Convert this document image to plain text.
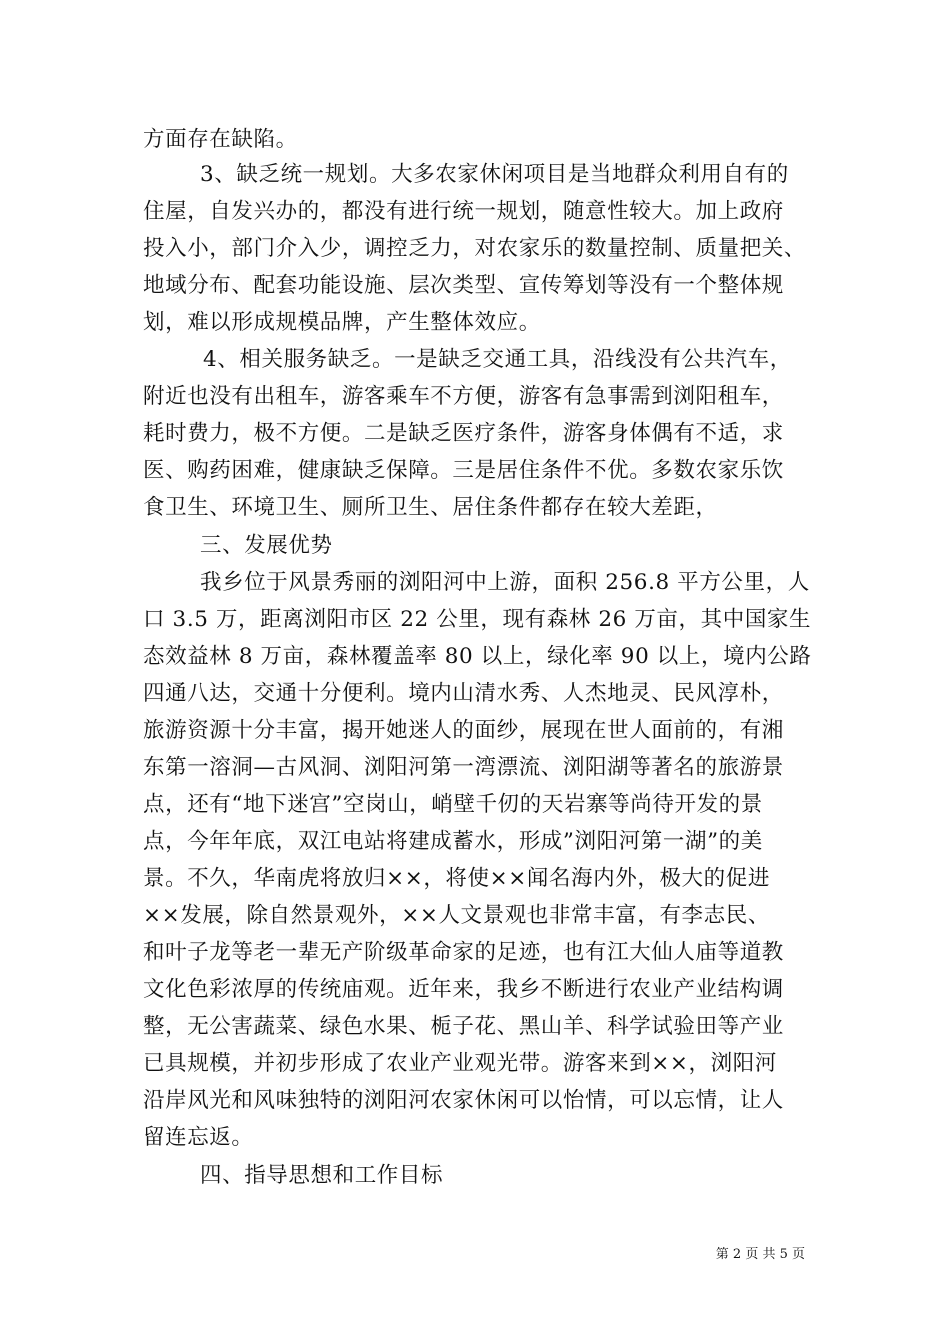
方面存在缺陷。
3、缺乏统一规划。大多农家休闲项目是当地群众利用自有的
住屋，自发兴办的，都没有进行统一规划，随意性较大。加上政府
投入小，部门介入少，调控乏力，对农家乐的数量控制、质量把关、
地域分布、配套功能设施、层次类型、宣传筹划等没有一个整体规
划，难以形成规模品牌，产生整体效应。
4、相关服务缺乏。一是缺乏交通工具，沿线没有公共汽车，
附近也没有出租车，游客乘车不方便，游客有急事需到浏阳租车，
耗时费力，极不方便。二是缺乏医疗条件，游客身体偶有不适，求
医、购药困难，健康缺乏保障。三是居住条件不优。多数农家乐饮
食卫生、环境卫生、厕所卫生、居住条件都存在较大差距，
三、发展优势
我乡位于风景秀丽的浏阳河中上游，面积 256.8 平方公里，人
口 3.5 万，距离浏阳市区 22 公里，现有森林 26 万亩，其中国家生
态效益林 8 万亩，森林覆盖率 80 以上，绿化率 90 以上，境内公路
四通八达，交通十分便利。境内山清水秀、人杰地灵、民风淳朴，
旅游资源十分丰富，揭开她迷人的面纱，展现在世人面前的，有湘
东第一溶洞—古风洞、浏阳河第一湾漂流、浏阳湖等著名的旅游景
点，还有“地下迷宫”空岗山，峭壁千仞的天岩寨等尚待开发的景
点，今年年底，双江电站将建成蓄水，形成”浏阳河第一湖”的美
景。不久，华南虎将放归××，将使××闻名海内外，极大的促进
××发展，除自然景观外，××人文景观也非常丰富，有李志民、
和叶子龙等老一辈无产阶级革命家的足迹，也有江大仙人庙等道教
文化色彩浓厚的传统庙观。近年来，我乡不断进行农业产业结构调
整，无公害蔬菜、绿色水果、栀子花、黑山羊、科学试验田等产业
已具规模，并初步形成了农业产业观光带。游客来到××，浏阳河
沿岸风光和风味独特的浏阳河农家休闲可以怡情，可以忘情，让人
留连忘返。
四、指导思想和工作目标
第 2 页 共 5 页
